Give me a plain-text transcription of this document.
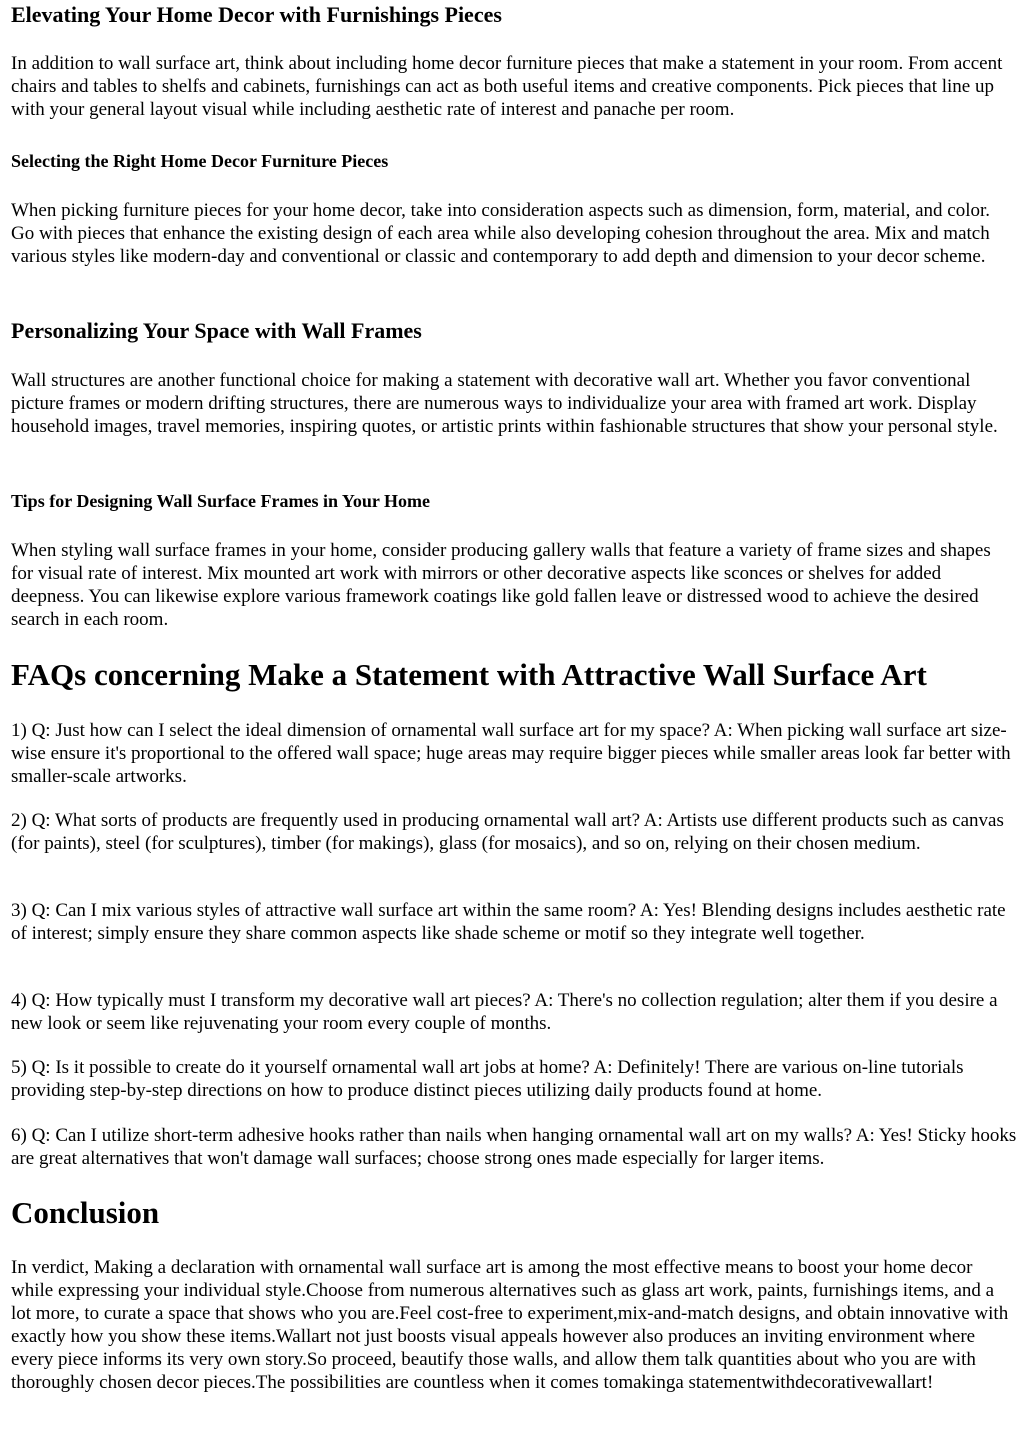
Elevating Your Home Decor with Furnishings Pieces

In addition to wall surface art, think about including home decor furniture pieces that make a statement in your room. From accent chairs and tables to shelfs and cabinets, furnishings can act as both useful items and creative components. Pick pieces that line up with your general layout visual while including aesthetic rate of interest and panache per room.

Selecting the Right Home Decor Furniture Pieces

When picking furniture pieces for your home decor, take into consideration aspects such as dimension, form, material, and color. Go with pieces that enhance the existing design of each area while also developing cohesion throughout the area. Mix and match various styles like modern-day and conventional or classic and contemporary to add depth and dimension to your decor scheme.

Personalizing Your Space with Wall Frames

Wall structures are another functional choice for making a statement with decorative wall art. Whether you favor conventional picture frames or modern drifting structures, there are numerous ways to individualize your area with framed art work. Display household images, travel memories, inspiring quotes, or artistic prints within fashionable structures that show your personal style.

Tips for Designing Wall Surface Frames in Your Home

When styling wall surface frames in your home, consider producing gallery walls that feature a variety of frame sizes and shapes for visual rate of interest. Mix mounted art work with mirrors or other decorative aspects like sconces or shelves for added deepness. You can likewise explore various framework coatings like gold fallen leave or distressed wood to achieve the desired search in each room.

FAQs concerning Make a Statement with Attractive Wall Surface Art

1) Q: Just how can I select the ideal dimension of ornamental wall surface art for my space? A: When picking wall surface art size-wise ensure it's proportional to the offered wall space; huge areas may require bigger pieces while smaller areas look far better with smaller-scale artworks.

2) Q: What sorts of products are frequently used in producing ornamental wall art? A: Artists use different products such as canvas (for paints), steel (for sculptures), timber (for makings), glass (for mosaics), and so on, relying on their chosen medium.

3) Q: Can I mix various styles of attractive wall surface art within the same room? A: Yes! Blending designs includes aesthetic rate of interest; simply ensure they share common aspects like shade scheme or motif so they integrate well together.

4) Q: How typically must I transform my decorative wall art pieces? A: There's no collection regulation; alter them if you desire a new look or seem like rejuvenating your room every couple of months.

5) Q: Is it possible to create do it yourself ornamental wall art jobs at home? A: Definitely! There are various on-line tutorials providing step-by-step directions on how to produce distinct pieces utilizing daily products found at home.

6) Q: Can I utilize short-term adhesive hooks rather than nails when hanging ornamental wall art on my walls? A: Yes! Sticky hooks are great alternatives that won't damage wall surfaces; choose strong ones made especially for larger items.

Conclusion

In verdict, Making a declaration with ornamental wall surface art is among the most effective means to boost your home decor while expressing your individual style.Choose from numerous alternatives such as glass art work, paints, furnishings items, and a lot more, to curate a space that shows who you are.Feel cost-free to experiment,mix-and-match designs, and obtain innovative with exactly how you show these items.Wallart not just boosts visual appeals however also produces an inviting environment where every piece informs its very own story.So proceed, beautify those walls, and allow them talk quantities about who you are with thoroughly chosen decor pieces.The possibilities are countless when it comes tomakinga statementwithdecorativewallart!
